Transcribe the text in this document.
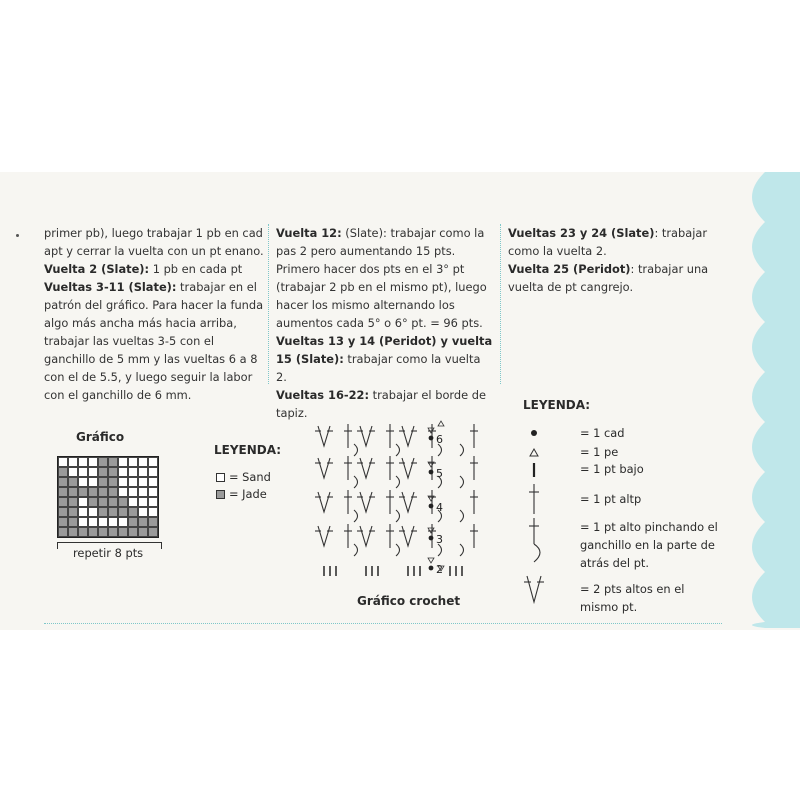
primer pb), luego trabajar 1 pb en cad apt y cerrar la vuelta con un pt enano.

Vuelta 2 (Slate): 1 pb en cada pt

Vueltas 3-11 (Slate): trabajar en el patrón del gráfico. Para hacer la funda algo más ancha más hacia arriba, trabajar las vueltas 3-5 con el ganchillo de 5 mm y las vueltas 6 a 8 con el de 5.5, y luego seguir la labor con el ganchillo de 6 mm.

Vuelta 12: (Slate): trabajar como la pas 2 pero aumentando 15 pts. Primero hacer dos pts en el 3° pt (trabajar 2 pb en el mismo pt), luego hacer los mismo alternando los aumentos cada 5° o 6° pt. = 96 pts.

Vueltas 13 y 14 (Peridot) y vuelta 15 (Slate): trabajar como la vuelta 2.

Vueltas 16-22: trabajar el borde de tapiz.

Vueltas 23 y 24 (Slate): trabajar como la vuelta 2.

Vuelta 25 (Peridot): trabajar una vuelta de pt cangrejo.

Gráfico
repetir 8 pts
LEYENDA:
= Sand
= Jade
2
3
4
5
6
Gráfico crochet
LEYENDA:
= 1 cad
= 1 pe
= 1 pt bajo
= 1 pt altp
= 1 pt alto pinchando el ganchillo en la parte de atrás del pt.
= 2 pts altos en el mismo pt.
